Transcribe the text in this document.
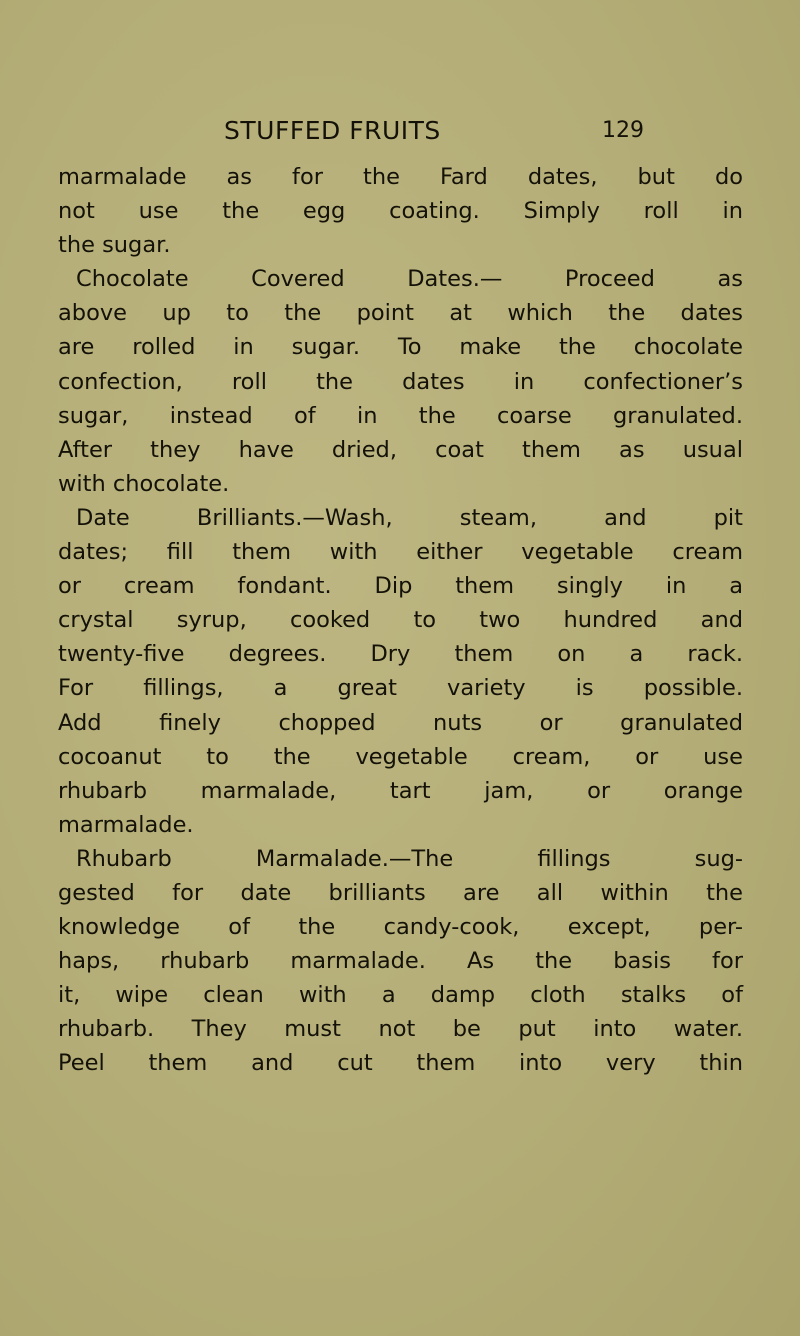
STUFFED FRUITS	129
marmalade as for the Fard dates, but do
not use the egg coating. Simply roll in
the sugar.
Chocolate Covered Dates.— Proceed as
above up to the point at which the dates
are rolled in sugar. To make the chocolate
confection, roll the dates in confectioner’s
sugar, instead of in the coarse granulated.
After they have dried, coat them as usual
with chocolate.
Date Brilliants.—Wash, steam, and pit
dates; fill them with either vegetable cream
or cream fondant. Dip them singly in a
crystal syrup, cooked to two hundred and
twenty-five degrees. Dry them on a rack.
For fillings, a great variety is possible.
Add finely chopped nuts or granulated
cocoanut to the vegetable cream, or use
rhubarb marmalade, tart jam, or orange
marmalade.
Rhubarb Marmalade.—The fillings sug-
gested for date brilliants are all within the
knowledge of the candy-cook, except, per-
haps, rhubarb marmalade. As the basis for
it, wipe clean with a damp cloth stalks of
rhubarb. They must not be put into water.
Peel them and cut them into very thin
